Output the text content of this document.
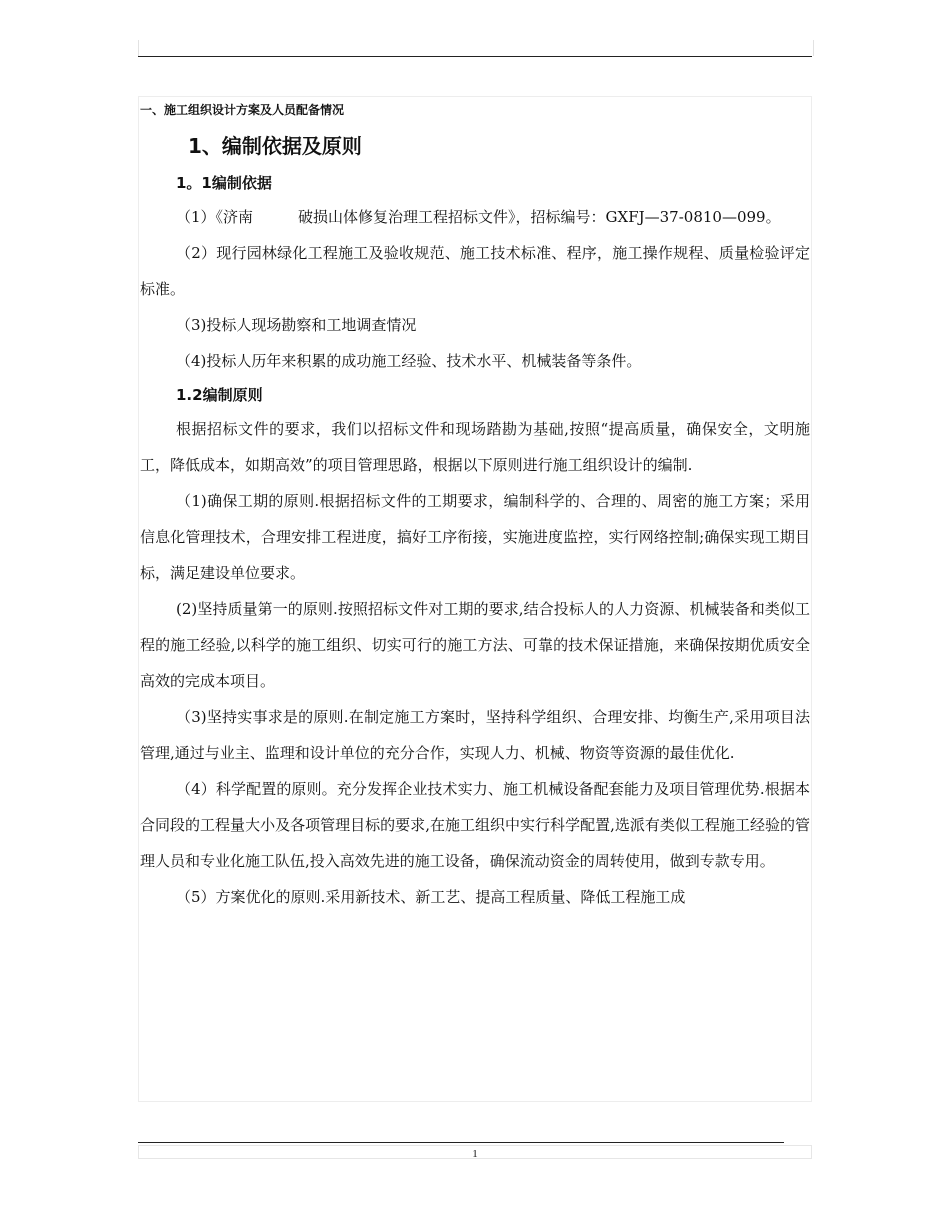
一、施工组织设计方案及人员配备情况

1、编制依据及原则

1。1编制依据

（1）《济南　　　破损山体修复治理工程招标文件》，招标编号：GXFJ—37-0810—099。

（2）现行园林绿化工程施工及验收规范、施工技术标准、程序，施工操作规程、质量检验评定标准。

（3)投标人现场勘察和工地调查情况

（4)投标人历年来积累的成功施工经验、技术水平、机械装备等条件。

1.2编制原则

根据招标文件的要求，我们以招标文件和现场踏勘为基础,按照“提高质量，确保安全，文明施工，降低成本，如期高效”的项目管理思路，根据以下原则进行施工组织设计的编制.

（1)确保工期的原则.根据招标文件的工期要求，编制科学的、合理的、周密的施工方案；采用信息化管理技术，合理安排工程进度，搞好工序衔接，实施进度监控，实行网络控制;确保实现工期目标，满足建设单位要求。

(2)坚持质量第一的原则.按照招标文件对工期的要求,结合投标人的人力资源、机械装备和类似工程的施工经验,以科学的施工组织、切实可行的施工方法、可靠的技术保证措施，来确保按期优质安全高效的完成本项目。

（3)坚持实事求是的原则.在制定施工方案时，坚持科学组织、合理安排、均衡生产,采用项目法管理,通过与业主、监理和设计单位的充分合作，实现人力、机械、物资等资源的最佳优化.

（4）科学配置的原则。充分发挥企业技术实力、施工机械设备配套能力及项目管理优势.根据本合同段的工程量大小及各项管理目标的要求,在施工组织中实行科学配置,选派有类似工程施工经验的管理人员和专业化施工队伍,投入高效先进的施工设备，确保流动资金的周转使用，做到专款专用。

（5）方案优化的原则.采用新技术、新工艺、提高工程质量、降低工程施工成

1
